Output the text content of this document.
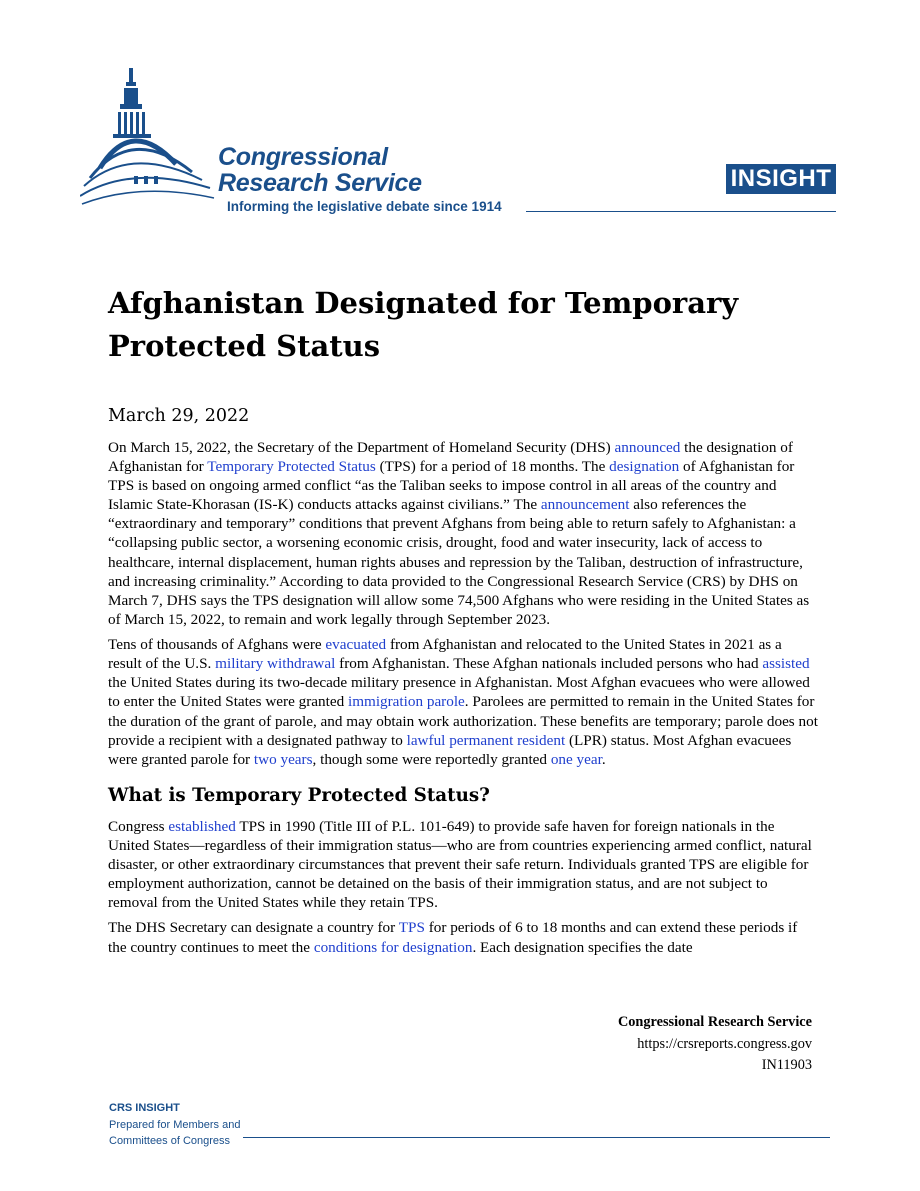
Congressional
Research Service
Informing the legislative debate since 1914
INSIGHT
Afghanistan Designated for Temporary Protected Status
March 29, 2022

On March 15, 2022, the Secretary of the Department of Homeland Security (DHS) announced the designation of Afghanistan for Temporary Protected Status (TPS) for a period of 18 months. The designation of Afghanistan for TPS is based on ongoing armed conflict “as the Taliban seeks to impose control in all areas of the country and Islamic State-Khorasan (IS-K) conducts attacks against civilians.” The announcement also references the “extraordinary and temporary” conditions that prevent Afghans from being able to return safely to Afghanistan: a “collapsing public sector, a worsening economic crisis, drought, food and water insecurity, lack of access to healthcare, internal displacement, human rights abuses and repression by the Taliban, destruction of infrastructure, and increasing criminality.” According to data provided to the Congressional Research Service (CRS) by DHS on March 7, DHS says the TPS designation will allow some 74,500 Afghans who were residing in the United States as of March 15, 2022, to remain and work legally through September 2023.

Tens of thousands of Afghans were evacuated from Afghanistan and relocated to the United States in 2021 as a result of the U.S. military withdrawal from Afghanistan. These Afghan nationals included persons who had assisted the United States during its two-decade military presence in Afghanistan. Most Afghan evacuees who were allowed to enter the United States were granted immigration parole. Parolees are permitted to remain in the United States for the duration of the grant of parole, and may obtain work authorization. These benefits are temporary; parole does not provide a recipient with a designated pathway to lawful permanent resident (LPR) status. Most Afghan evacuees were granted parole for two years, though some were reportedly granted one year.

What is Temporary Protected Status?

Congress established TPS in 1990 (Title III of P.L. 101-649) to provide safe haven for foreign nationals in the United States—regardless of their immigration status—who are from countries experiencing armed conflict, natural disaster, or other extraordinary circumstances that prevent their safe return. Individuals granted TPS are eligible for employment authorization, cannot be detained on the basis of their immigration status, and are not subject to removal from the United States while they retain TPS.

The DHS Secretary can designate a country for TPS for periods of 6 to 18 months and can extend these periods if the country continues to meet the conditions for designation. Each designation specifies the date

Congressional Research Service
https://crsreports.congress.gov
IN11903
CRS INSIGHT
Prepared for Members and
Committees of Congress
